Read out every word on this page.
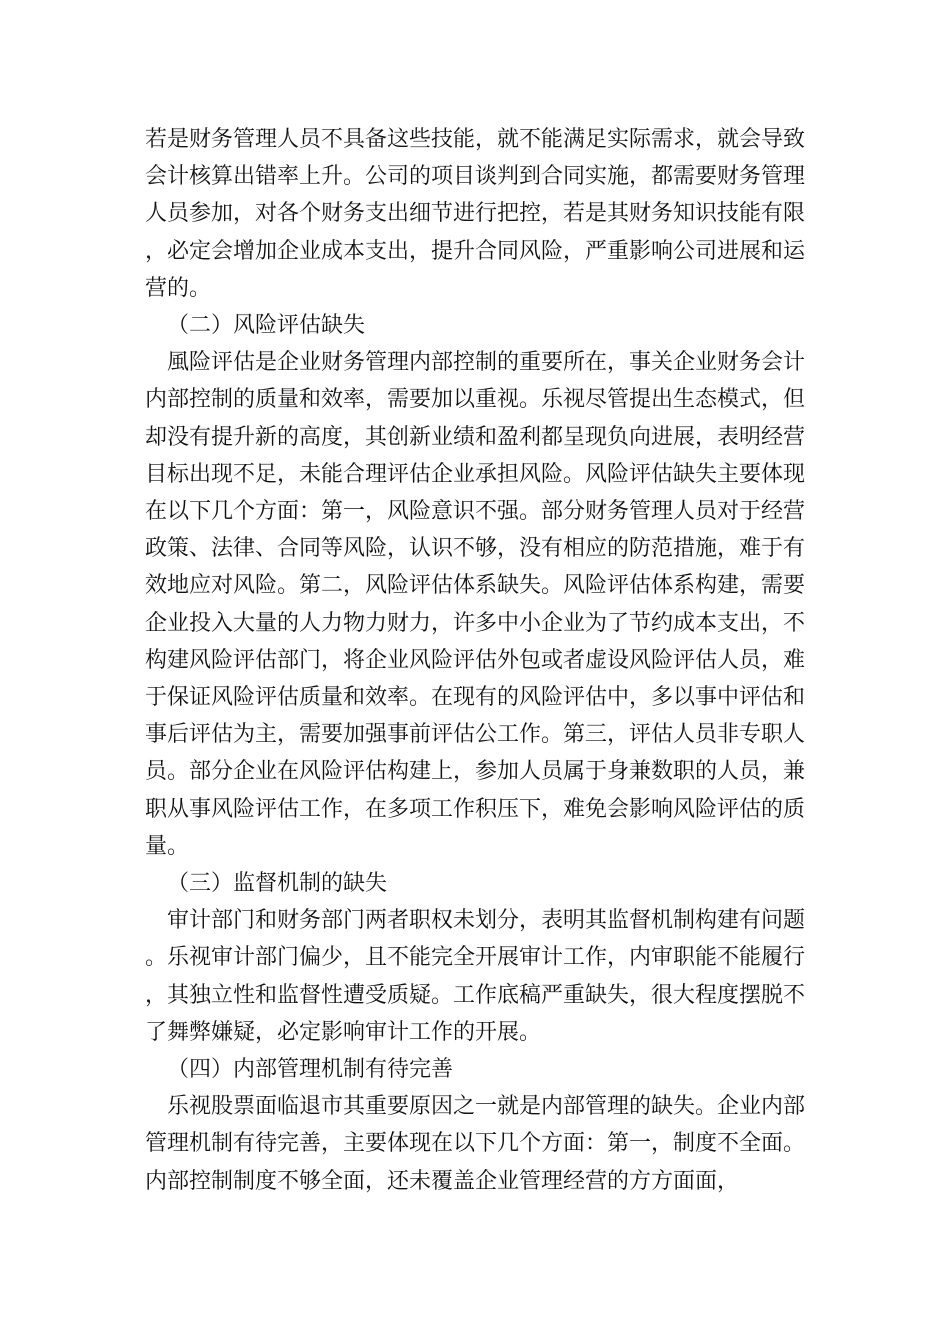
若是财务管理人员不具备这些技能，就不能满足实际需求，就会导致会计核算出错率上升。公司的项目谈判到合同实施，都需要财务管理人员参加，对各个财务支出细节进行把控，若是其财务知识技能有限，必定会增加企业成本支出，提升合同风险，严重影响公司进展和运营的。

（二）风险评估缺失

風险评估是企业财务管理内部控制的重要所在，事关企业财务会计内部控制的质量和效率，需要加以重视。乐视尽管提出生态模式，但却没有提升新的高度，其创新业绩和盈利都呈现负向进展，表明经营目标出现不足，未能合理评估企业承担风险。风险评估缺失主要体现在以下几个方面：第一，风险意识不强。部分财务管理人员对于经营政策、法律、合同等风险，认识不够，没有相应的防范措施，难于有效地应对风险。第二，风险评估体系缺失。风险评估体系构建，需要企业投入大量的人力物力财力，许多中小企业为了节约成本支出，不构建风险评估部门，将企业风险评估外包或者虚设风险评估人员，难于保证风险评估质量和效率。在现有的风险评估中，多以事中评估和事后评估为主，需要加强事前评估公工作。第三，评估人员非专职人员。部分企业在风险评估构建上，参加人员属于身兼数职的人员，兼职从事风险评估工作，在多项工作积压下，难免会影响风险评估的质量。

（三）监督机制的缺失

审计部门和财务部门两者职权未划分，表明其监督机制构建有问题。乐视审计部门偏少，且不能完全开展审计工作，内审职能不能履行，其独立性和监督性遭受质疑。工作底稿严重缺失，很大程度摆脱不了舞弊嫌疑，必定影响审计工作的开展。

（四）内部管理机制有待完善

乐视股票面临退市其重要原因之一就是内部管理的缺失。企业内部管理机制有待完善，主要体现在以下几个方面：第一，制度不全面。内部控制制度不够全面，还未覆盖企业管理经营的方方面面，
